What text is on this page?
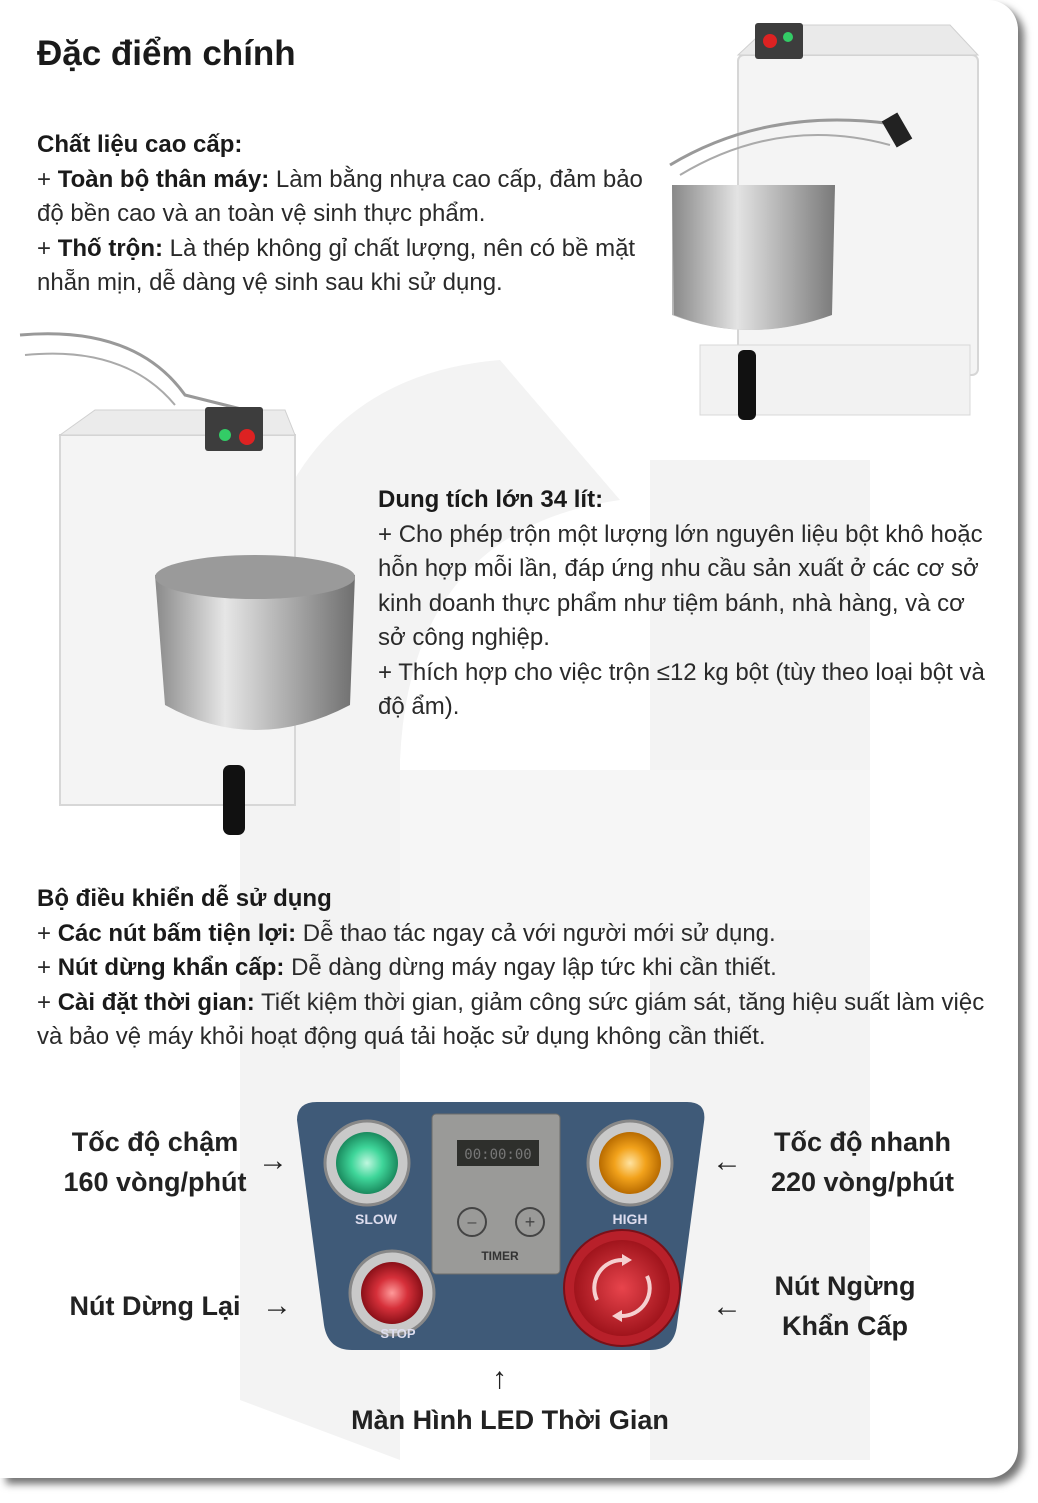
Đặc điểm chính

Chất liệu cao cấp:

+ Toàn bộ thân máy: Làm bằng nhựa cao cấp, đảm bảo độ bền cao và an toàn vệ sinh thực phẩm.

+ Thố trộn: Là thép không gỉ chất lượng, nên có bề mặt nhẵn mịn, dễ dàng vệ sinh sau khi sử dụng.

Dung tích lớn 34 lít:

+ Cho phép trộn một lượng lớn nguyên liệu bột khô hoặc hỗn hợp mỗi lần, đáp ứng nhu cầu sản xuất ở các cơ sở kinh doanh thực phẩm như tiệm bánh, nhà hàng, và cơ sở công nghiệp.

+ Thích hợp cho việc trộn ≤12 kg bột (tùy theo loại bột và độ ẩm).

Bộ điều khiển dễ sử dụng

+ Các nút bấm tiện lợi: Dễ thao tác ngay cả với người mới sử dụng.

+ Nút dừng khẩn cấp: Dễ dàng dừng máy ngay lập tức khi cần thiết.

+ Cài đặt thời gian: Tiết kiệm thời gian, giảm công sức giám sát, tăng hiệu suất làm việc và bảo vệ máy khỏi hoạt động quá tải hoặc sử dụng không cần thiết.

00:00:00
–	+
TIMER
SLOW	HIGH
STOP
Tốc độ chậm
160 vòng/phút
→
Tốc độ nhanh
220 vòng/phút
←
Nút Dừng Lại →
Nút Ngừng
Khẩn Cấp
←
↑
Màn Hình LED Thời Gian
